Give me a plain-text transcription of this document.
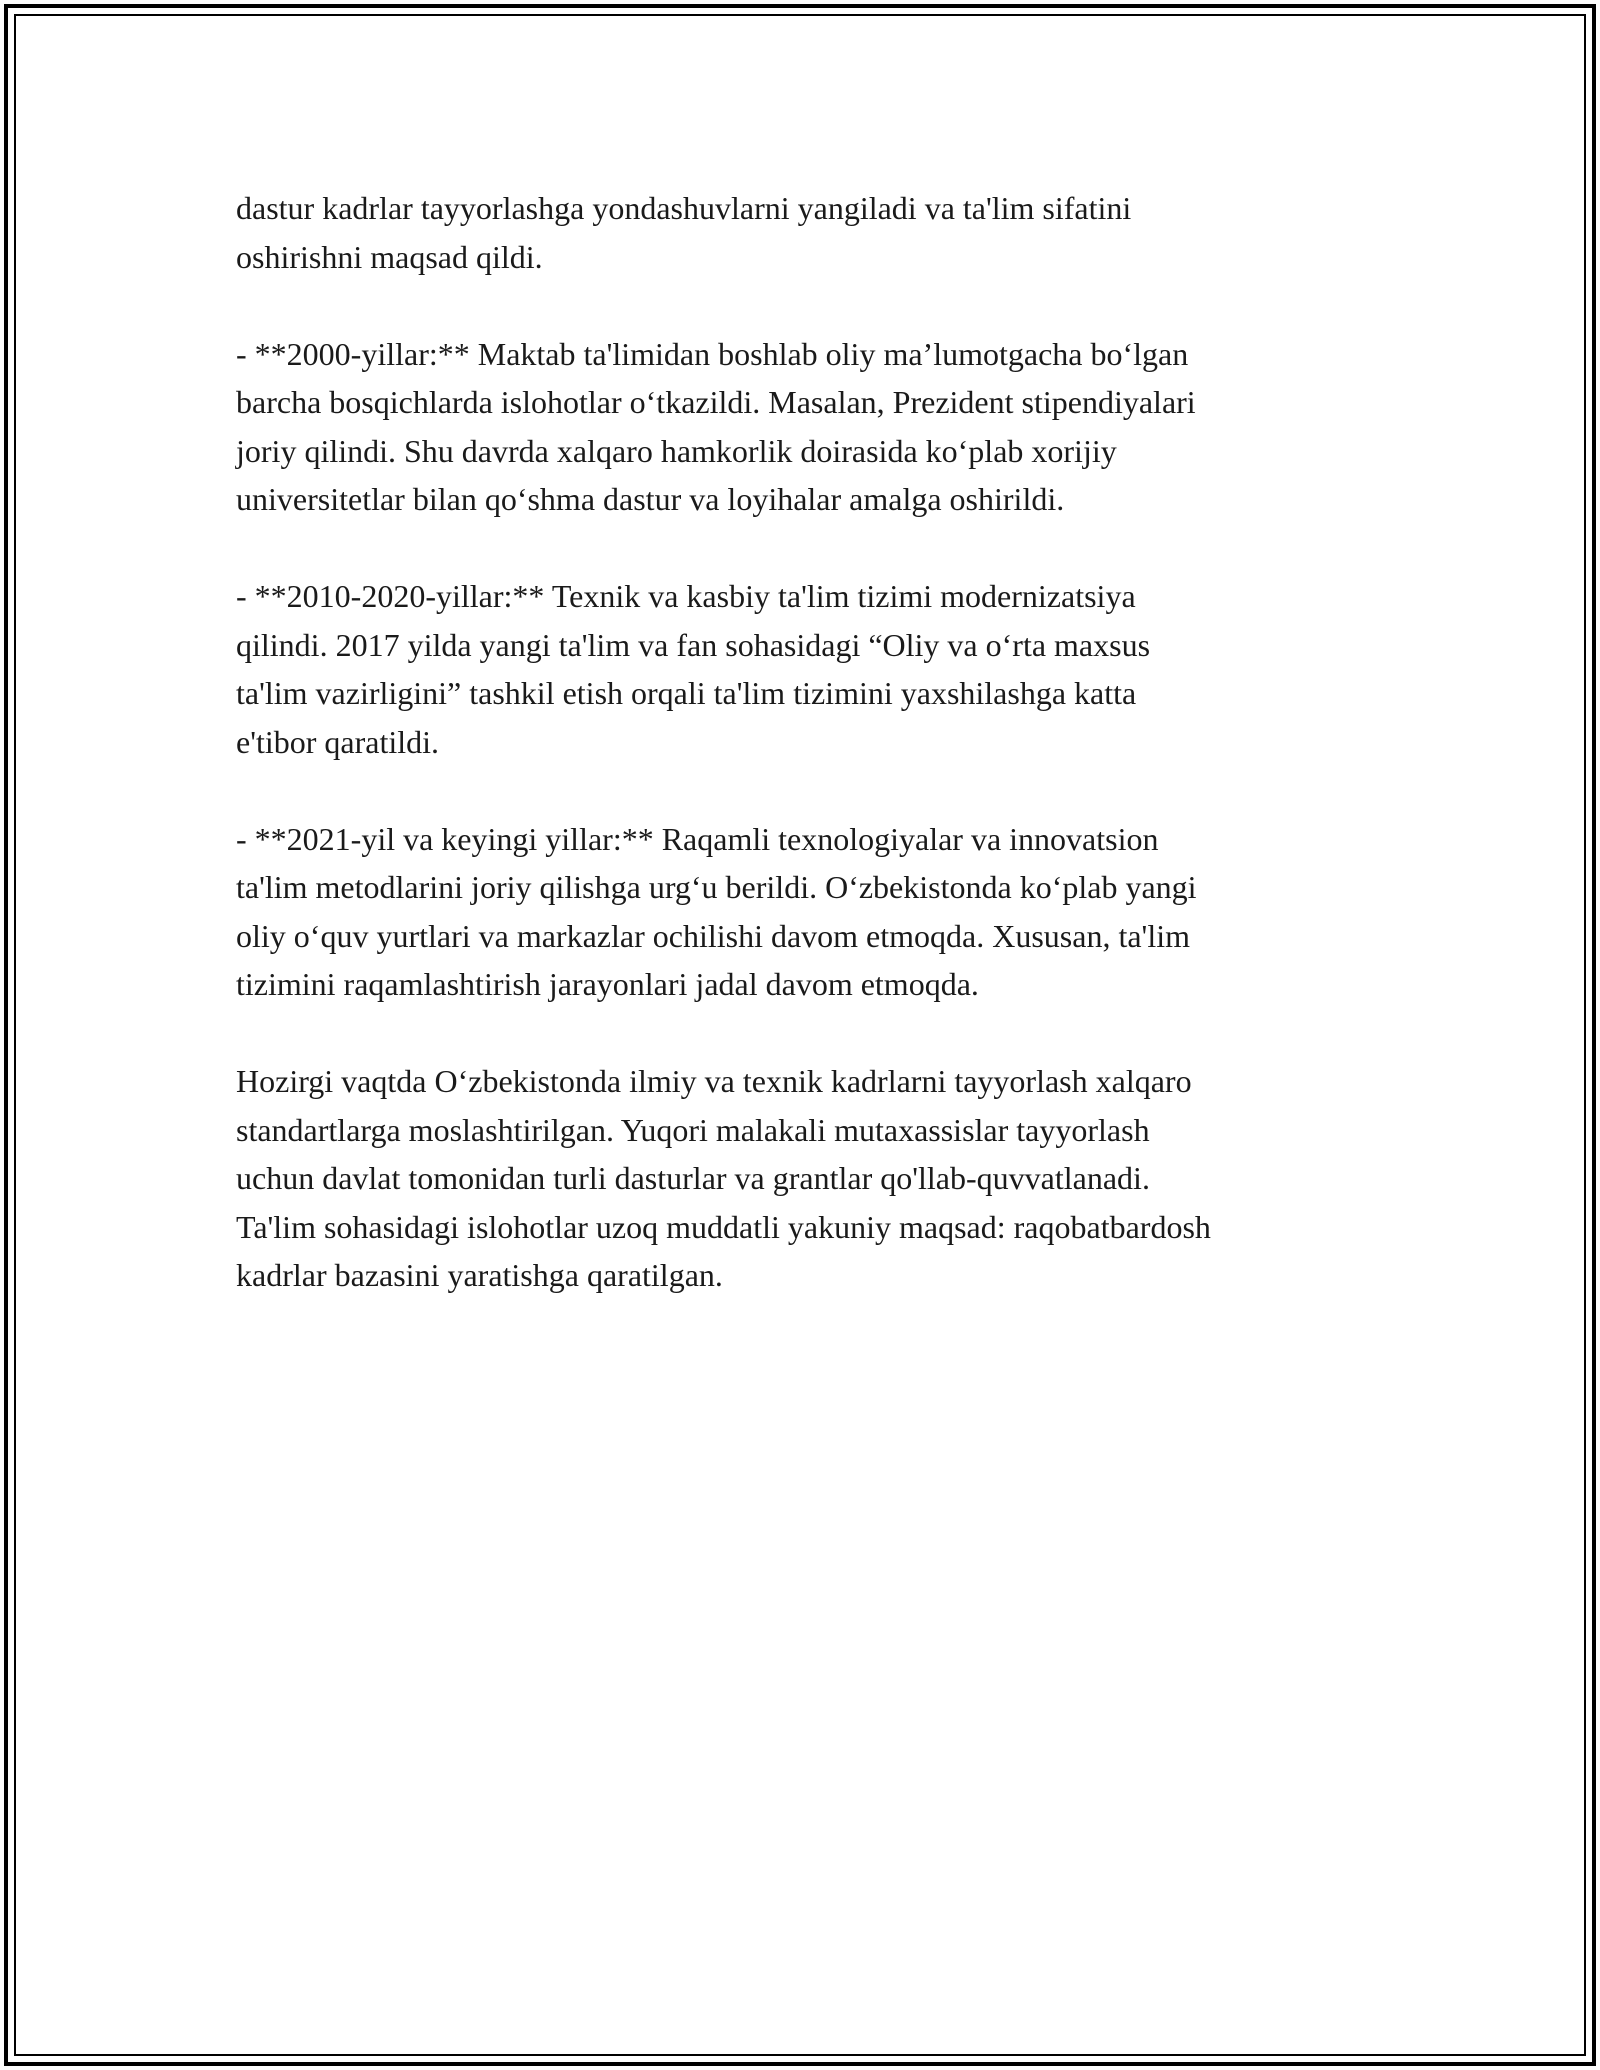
dastur kadrlar tayyorlashga yondashuvlarni yangiladi va ta'lim sifatini
oshirishni maqsad qildi.

- **2000-yillar:** Maktab ta'limidan boshlab oliy ma’lumotgacha bo‘lgan
barcha bosqichlarda islohotlar o‘tkazildi. Masalan, Prezident stipendiyalari
joriy qilindi. Shu davrda xalqaro hamkorlik doirasida ko‘plab xorijiy
universitetlar bilan qo‘shma dastur va loyihalar amalga oshirildi.

- **2010-2020-yillar:** Texnik va kasbiy ta'lim tizimi modernizatsiya
qilindi. 2017 yilda yangi ta'lim va fan sohasidagi “Oliy va o‘rta maxsus
ta'lim vazirligini” tashkil etish orqali ta'lim tizimini yaxshilashga katta
e'tibor qaratildi.

- **2021-yil va keyingi yillar:** Raqamli texnologiyalar va innovatsion
ta'lim metodlarini joriy qilishga urg‘u berildi. O‘zbekistonda ko‘plab yangi
oliy o‘quv yurtlari va markazlar ochilishi davom etmoqda. Xususan, ta'lim
tizimini raqamlashtirish jarayonlari jadal davom etmoqda.

Hozirgi vaqtda O‘zbekistonda ilmiy va texnik kadrlarni tayyorlash xalqaro
standartlarga moslashtirilgan. Yuqori malakali mutaxassislar tayyorlash
uchun davlat tomonidan turli dasturlar va grantlar qo'llab-quvvatlanadi.
Ta'lim sohasidagi islohotlar uzoq muddatli yakuniy maqsad: raqobatbardosh
kadrlar bazasini yaratishga qaratilgan.
